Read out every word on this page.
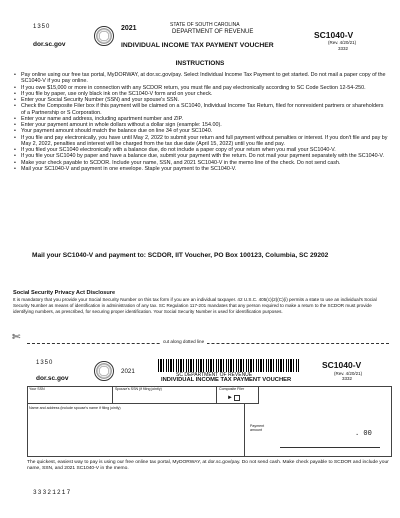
1350
dor.sc.gov
2021	STATE OF SOUTH CAROLINA
DEPARTMENT OF REVENUE
INDIVIDUAL INCOME TAX PAYMENT VOUCHER
SC1040-V
(Rev. 4/20/21)
3332
INSTRUCTIONS
• Pay online using our free tax portal, MyDORWAY, at dor.sc.gov/pay. Select Individual Income Tax Payment to get started. Do not mail a paper copy of the SC1040-V if you pay online.
• If you owe $15,000 or more in connection with any SCDOR return, you must file and pay electronically according to SC Code Section 12-54-250.
• If you file by paper, use only black ink on the SC1040-V form and on your check.
• Enter your Social Security Number (SSN) and your spouse's SSN.
• Check the Composite Filer box if this payment will be claimed on a SC1040, Individual Income Tax Return, filed for nonresident partners or shareholders of a Partnership or S Corporation.
• Enter your name and address, including apartment number and ZIP.
• Enter your payment amount in whole dollars without a dollar sign (example: 154.00).
• Your payment amount should match the balance due on line 34 of your SC1040.
• If you file and pay electronically, you have until May 2, 2022 to submit your return and full payment without penalties or interest. If you don't file and pay by May 2, 2022, penalties and interest will be charged from the tax due date (April 15, 2022) until you file and pay.
• If you filed your SC1040 electronically with a balance due, do not include a paper copy of your return when you mail your SC1040-V.
• If you file your SC1040 by paper and have a balance due, submit your payment with the return. Do not mail your payment separately with the SC1040-V.
• Make your check payable to SCDOR. Include your name, SSN, and 2021 SC1040-V in the memo line of the check. Do not send cash.
• Mail your SC1040-V and payment in one envelope. Staple your payment to the SC1040-V.
Mail your SC1040-V and payment to: SCDOR, IIT Voucher, PO Box 100123, Columbia, SC 29202
Social Security Privacy Act Disclosure
It is mandatory that you provide your Social Security Number on this tax form if you are an individual taxpayer. 42 U.S.C. 405(c)(2)(C)(i) permits a state to use an individual's Social Security Number as means of identification in administration of any tax. SC Regulation 117-201 mandates that any person required to make a return to the SCDOR must provide identifying numbers, as prescribed, for securing proper identification. Your Social Security Number is used for identification purposes.
✄	cut along dotted line
1350
dor.sc.gov
2021	SC DEPARTMENT OF REVENUE
INDIVIDUAL INCOME TAX PAYMENT VOUCHER
SC1040-V
(Rev. 4/20/21)
3332
Your SSN	Spouse's SSN (if filing jointly)	Composite Filer
►
Name and address (include spouse's name if filing jointly)
Payment amount	. 00
The quickest, easiest way to pay is using our free online tax portal, MyDORWAY, at dor.sc.gov/pay. Do not send cash. Make check payable to SCDOR and include your name, SSN, and 2021 SC1040-V in the memo.
33321217
